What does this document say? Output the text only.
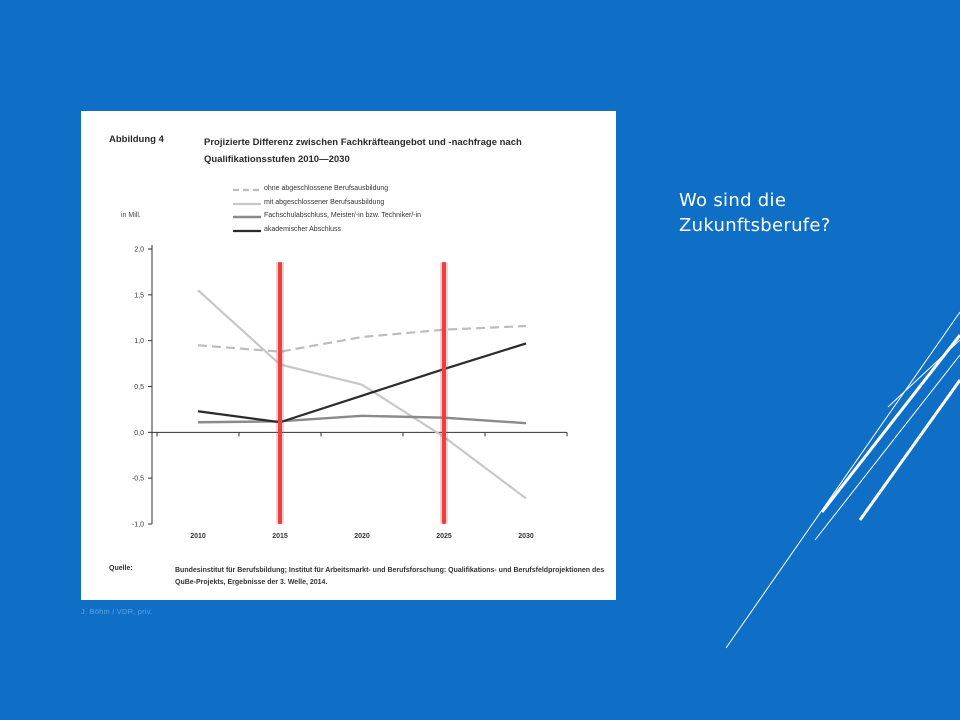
Wo sind die Zukunftsberufe?
Abbildung 4	Projizierte Differenz zwischen Fachkräfteangebot und -nachfrage nach Qualifikationsstufen 2010—2030
in Mill.
ohne abgeschlossene Berufsausbildung
mit abgeschlossener Berufsausbildung
Fachschulabschluss, Meister/-in bzw. Techniker/-in
akademischer Abschluss
2,0
1,5
1,0
0,5
0,0
-0,5
-1,0
2010	2015	2020	2025	2030
Quelle:	Bundesinstitut für Berufsbildung; Institut für Arbeitsmarkt- und Berufsforschung: Qualifikations- und Berufsfeldprojektionen des QuBe-Projekts, Ergebnisse der 3. Welle, 2014.
J. Böhm / VDR, priv.
